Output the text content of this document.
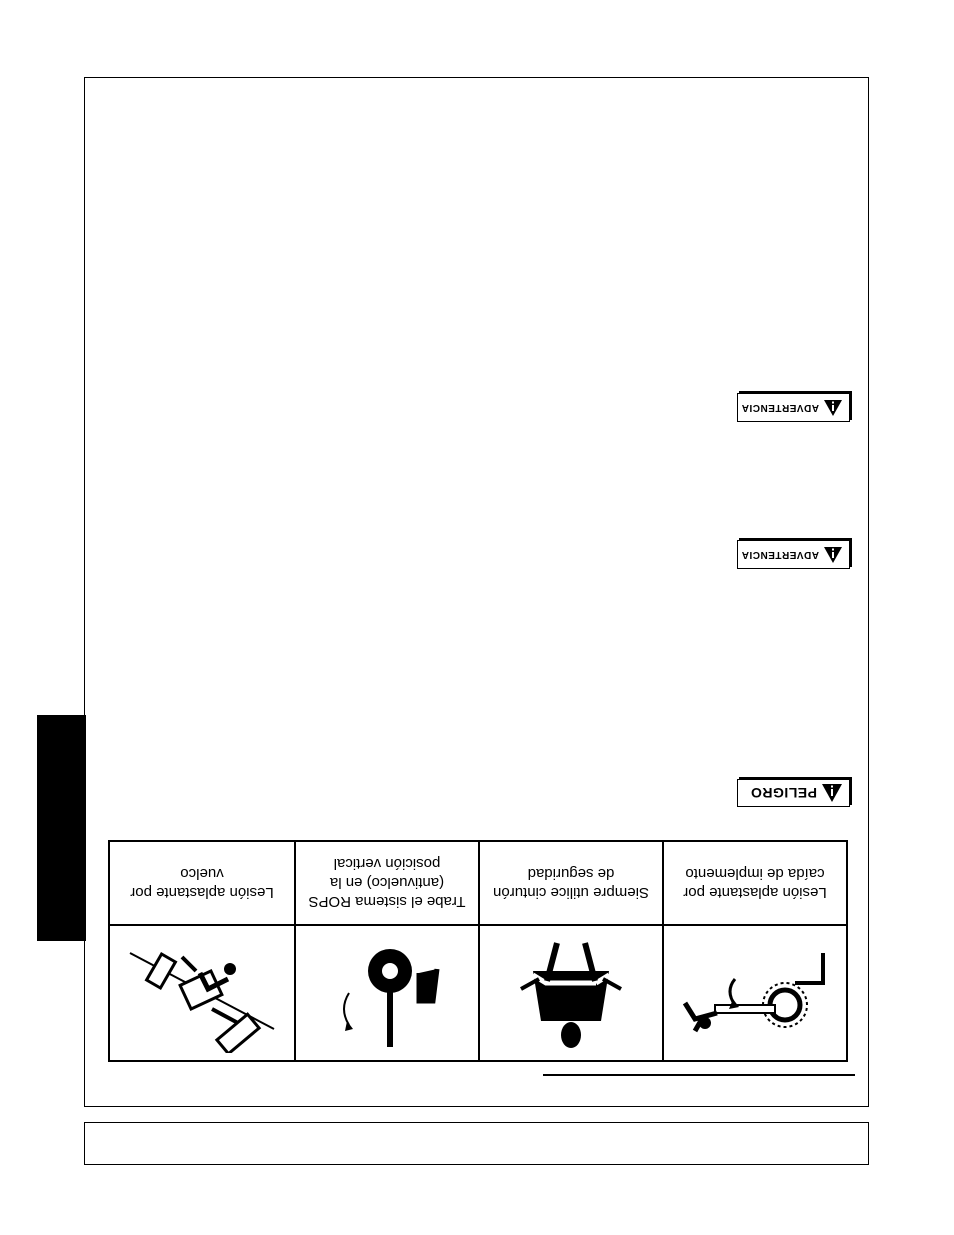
ADVERTENCIA
ADVERTENCIA
PELIGRO
Lesión aplastante por caída de implemento
Siempre utilice cinturón de seguridad
Trabe el sistema ROPS (antivuelco) en la posición vertical
Lesión aplastante por vuelco
